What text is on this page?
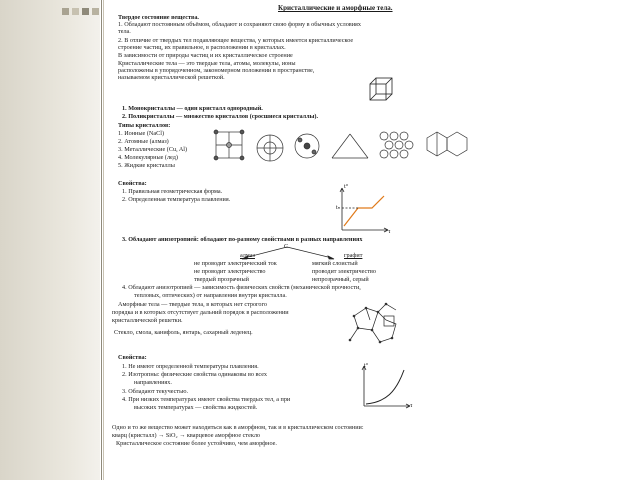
Кристаллические и аморфные тела.
Твердое состояние вещества.
1. Обладают постоянным объёмом, обладают и сохраняют свою форму в обычных условиях
тела.
2. В отличие от твердых тел подавляющее вещества, у которых имеется кристаллическое
строение частиц, их правильное, в расположении в кристаллах.
В зависимости от природы частиц и их кристаллическое строение
Кристаллические тела — это твердые тела, атомы, молекулы, ионы
расположены в упорядоченном, закономерном положении в пространстве,
называемом кристаллической решеткой.
1. Монокристаллы — один кристалл однородный.
2. Поликристаллы — множество кристаллов (сросшиеся кристаллы).
Типы кристаллов:
1. Ионные (NaCl)
2. Атомные (алмаз)
3. Металлические (Cu, Al)
4. Молекулярные (лед)
5. Жидкие кристаллы
Свойства:
1. Правильная геометрическая форма.
2. Определенная температура плавления.
t°
tₙ
τ
3. Обладают анизотропией: обладают по-разному свойствами в разных направлениях
С
алмаз
не проводит электрический ток
не проводит электричество
твердый прозрачный
графит
мягкий слоистый
проводит электричество
непрозрачный, серый
4. Обладают анизотропией — зависимость физических свойств (механической прочности,
тепловых, оптических) от направления внутри кристалла.
Аморфные тела — твердые тела, в которых нет строгого
порядка и в которых отсутствует дальний порядок в расположении
кристаллической решетки.
Стекло, смола, канифоль, янтарь, сахарный леденец.
Свойства:
1. Не имеют определенной температуры плавления.
2. Изотропны: физические свойства одинаковы во всех
направлениях.
3. Обладают текучестью.
4. При низких температурах имеют свойства твердых тел, а при
высоких температурах — свойства жидкостей.
t°
τ
Одно и то же вещество может находиться как в аморфном, так и в кристаллическом состоянии:
кварц (кристалл) → SiO₂ → кварцевое аморфное стекло
Кристаллическое состояние более устойчиво, чем аморфное.
